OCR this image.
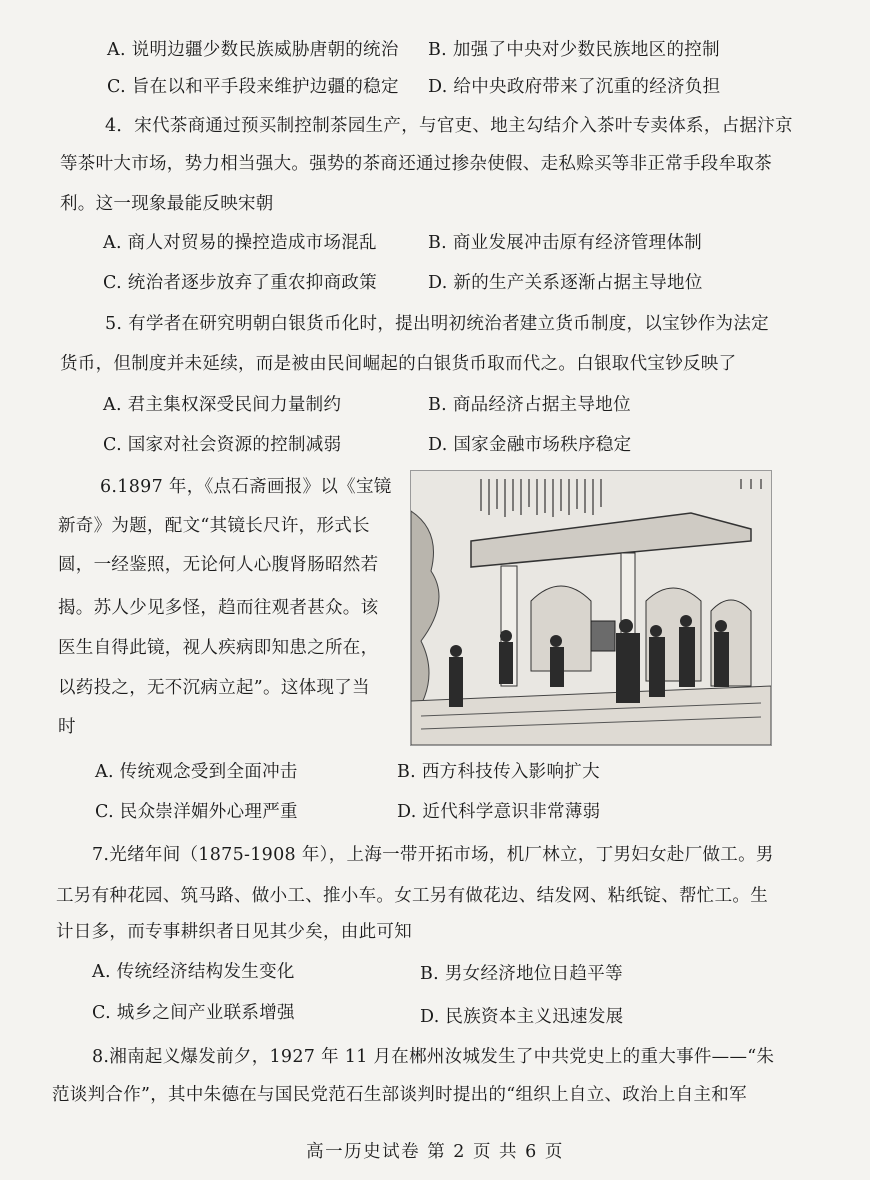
A. 说明边疆少数民族威胁唐朝的统治 B. 加强了中央对少数民族地区的控制
C. 旨在以和平手段来维护边疆的稳定 D. 给中央政府带来了沉重的经济负担
4．宋代茶商通过预买制控制茶园生产，与官吏、地主勾结介入茶叶专卖体系，占据汴京
等茶叶大市场，势力相当强大。强势的茶商还通过掺杂使假、走私赊买等非正常手段牟取茶
利。这一现象最能反映宋朝
A. 商人对贸易的操控造成市场混乱	B. 商业发展冲击原有经济管理体制
C. 统治者逐步放弃了重农抑商政策	D. 新的生产关系逐渐占据主导地位
5. 有学者在研究明朝白银货币化时，提出明初统治者建立货币制度，以宝钞作为法定
货币，但制度并未延续，而是被由民间崛起的白银货币取而代之。白银取代宝钞反映了
A. 君主集权深受民间力量制约	B. 商品经济占据主导地位
C. 国家对社会资源的控制减弱	D. 国家金融市场秩序稳定
6.1897 年，《点石斋画报》以《宝镜
新奇》为题，配文“其镜长尺许，形式长
圆，一经鉴照，无论何人心腹肾肠昭然若
揭。苏人少见多怪，趋而往观者甚众。该
医生自得此镜，视人疾病即知患之所在，
以药投之，无不沉病立起”。这体现了当
时
A. 传统观念受到全面冲击	B. 西方科技传入影响扩大
C. 民众崇洋媚外心理严重	D. 近代科学意识非常薄弱
7.光绪年间（1875-1908 年），上海一带开拓市场，机厂林立，丁男妇女赴厂做工。男
工另有种花园、筑马路、做小工、推小车。女工另有做花边、结发网、粘纸锭、帮忙工。生
计日多，而专事耕织者日见其少矣，由此可知
A. 传统经济结构发生变化	B. 男女经济地位日趋平等
C. 城乡之间产业联系增强	D. 民族资本主义迅速发展
8.湘南起义爆发前夕，1927 年 11 月在郴州汝城发生了中共党史上的重大事件——“朱
范谈判合作”，其中朱德在与国民党范石生部谈判时提出的“组织上自立、政治上自主和军
高一历史试卷 第 2 页 共 6 页
